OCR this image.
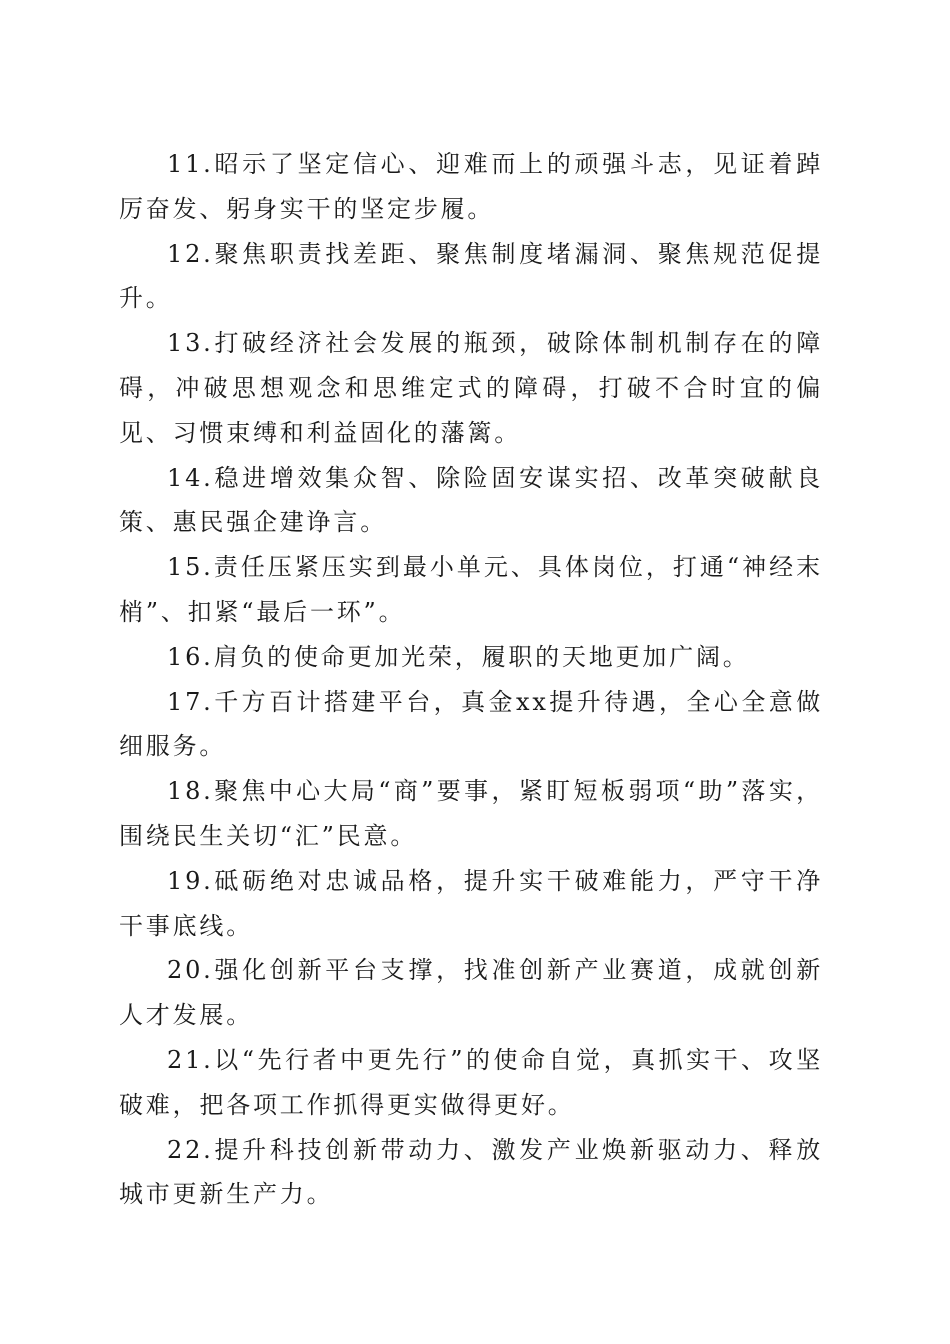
11.昭示了坚定信心、迎难而上的顽强斗志，见证着踔厉奋发、躬身实干的坚定步履。

12.聚焦职责找差距、聚焦制度堵漏洞、聚焦规范促提升。

13.打破经济社会发展的瓶颈，破除体制机制存在的障碍，冲破思想观念和思维定式的障碍，打破不合时宜的偏见、习惯束缚和利益固化的藩篱。

14.稳进增效集众智、除险固安谋实招、改革突破献良策、惠民强企建诤言。

15.责任压紧压实到最小单元、具体岗位，打通“神经末梢”、扣紧“最后一环”。

16.肩负的使命更加光荣，履职的天地更加广阔。

17.千方百计搭建平台，真金xx提升待遇，全心全意做细服务。

18.聚焦中心大局“商”要事，紧盯短板弱项“助”落实，围绕民生关切“汇”民意。

19.砥砺绝对忠诚品格，提升实干破难能力，严守干净干事底线。

20.强化创新平台支撑，找准创新产业赛道，成就创新人才发展。

21.以“先行者中更先行”的使命自觉，真抓实干、攻坚破难，把各项工作抓得更实做得更好。

22.提升科技创新带动力、激发产业焕新驱动力、释放城市更新生产力。
